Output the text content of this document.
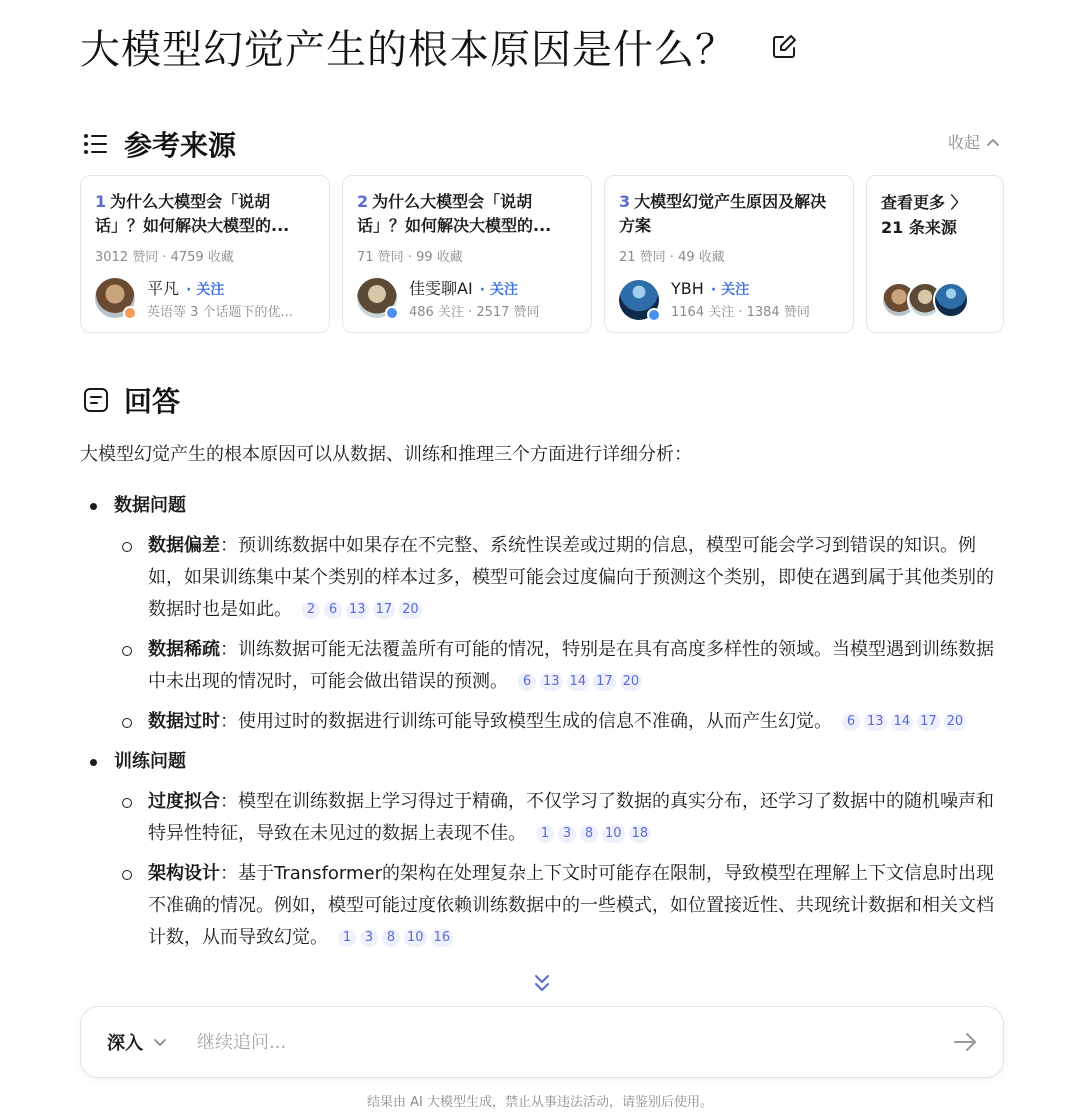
大模型幻觉产生的根本原因是什么？
参考来源	收起
1 为什么大模型会「说胡话」？如何解决大模型的...
3012 赞同 · 4759 收藏
平凡 · 关注
英语等 3 个话题下的优...
2 为什么大模型会「说胡话」？如何解决大模型的...
71 赞同 · 99 收藏
佳雯聊AI · 关注
486 关注 · 2517 赞同
3 大模型幻觉产生原因及解决方案
21 赞同 · 49 收藏
YBH · 关注
1164 关注 · 1384 赞同
查看更多 〉
21 条来源
回答

大模型幻觉产生的根本原因可以从数据、训练和推理三个方面进行详细分析：

数据问题
数据偏差：预训练数据中如果存在不完整、系统性误差或过期的信息，模型可能会学习到错误的知识。例如，如果训练集中某个类别的样本过多，模型可能会过度偏向于预测这个类别，即使在遇到属于其他类别的数据时也是如此。 2 6 13 17 20
数据稀疏：训练数据可能无法覆盖所有可能的情况，特别是在具有高度多样性的领域。当模型遇到训练数据中未出现的情况时，可能会做出错误的预测。 6 13 14 17 20
数据过时：使用过时的数据进行训练可能导致模型生成的信息不准确，从而产生幻觉。 6 13 14 17 20
训练问题
过度拟合：模型在训练数据上学习得过于精确，不仅学习了数据的真实分布，还学习了数据中的随机噪声和特异性特征，导致在未见过的数据上表现不佳。 1 3 8 10 18
架构设计：基于Transformer的架构在处理复杂上下文时可能存在限制，导致模型在理解上下文信息时出现不准确的情况。例如，模型可能过度依赖训练数据中的一些模式，如位置接近性、共现统计数据和相关文档计数，从而导致幻觉。 1 3 8 10 16
深入
继续追问...
结果由 AI 大模型生成，禁止从事违法活动，请鉴别后使用。
